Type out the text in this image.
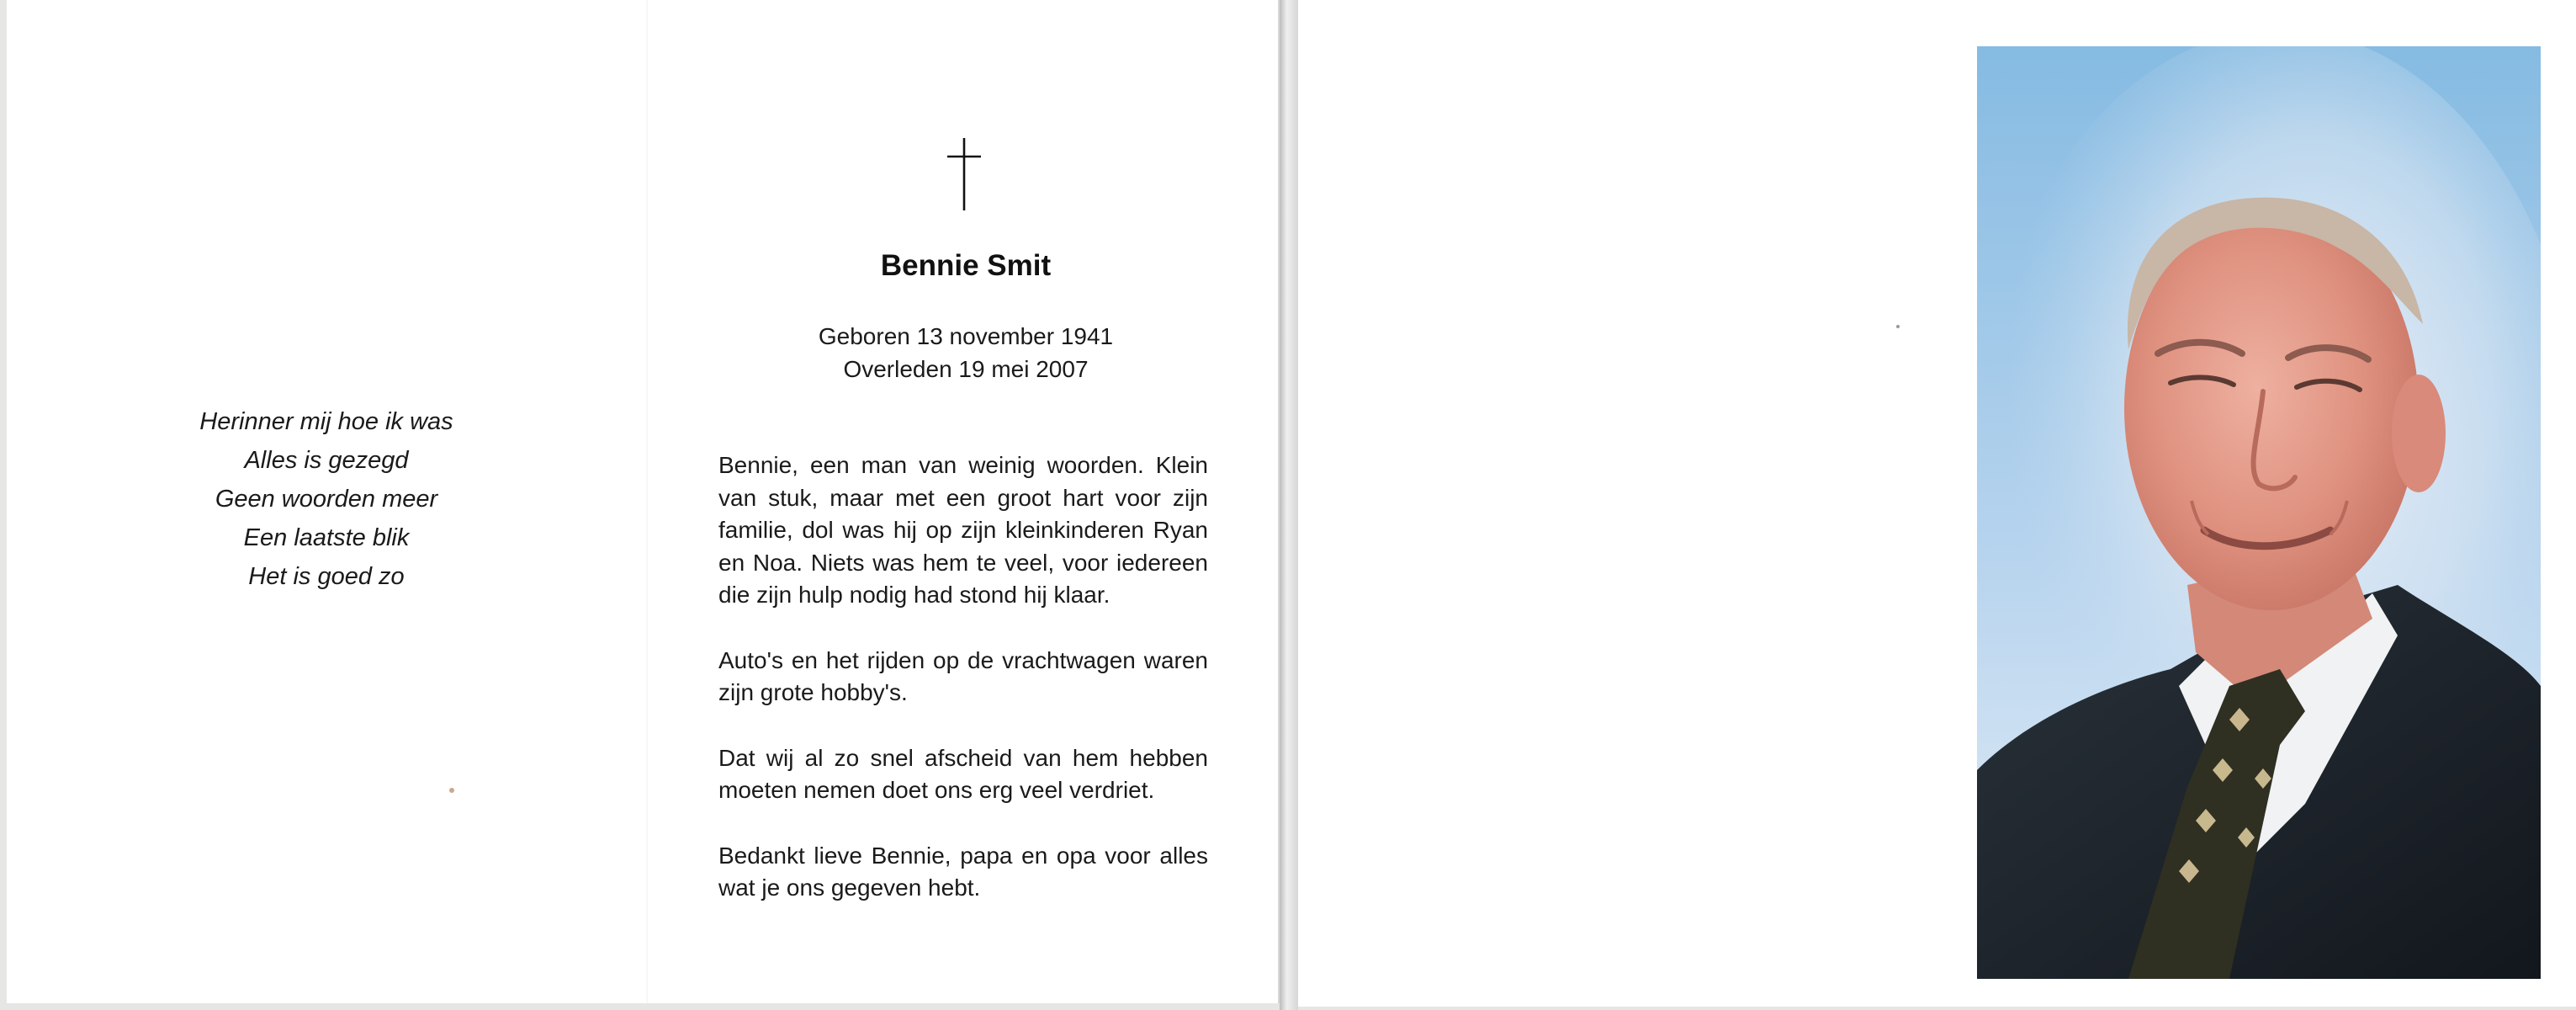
Herinner mij hoe ik was
Alles is gezegd
Geen woorden meer
Een laatste blik
Het is goed zo
Bennie Smit
Geboren 13 november 1941
Overleden 19 mei 2007

Bennie, een man van weinig woorden. Klein van stuk, maar met een groot hart voor zijn familie, dol was hij op zijn kleinkinderen Ryan en Noa. Niets was hem te veel, voor iedereen die zijn hulp nodig had stond hij klaar.

Auto's en het rijden op de vrachtwagen waren zijn grote hobby's.

Dat wij al zo snel afscheid van hem hebben moeten nemen doet ons erg veel verdriet.

Bedankt lieve Bennie, papa en opa voor alles wat je ons gegeven hebt.
